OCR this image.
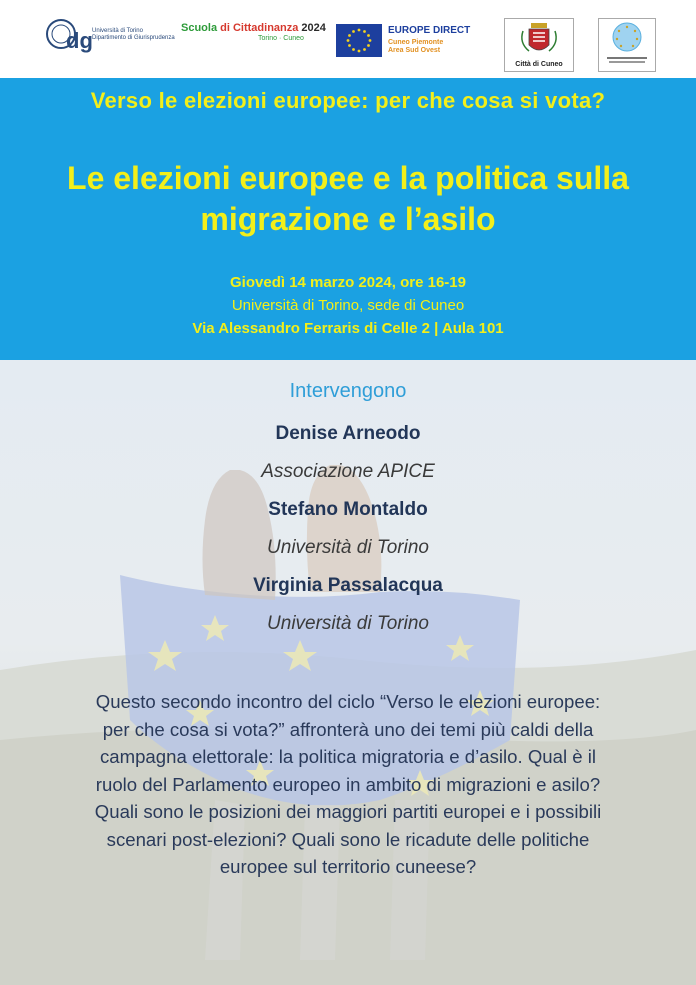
dg Università di Torino
Dipartimento di Giurisprudenza
Scuola di Cittadinanza 2024
Torino · Cuneo
EUROPE DIRECT
Cuneo Piemonte
Area Sud Ovest
Città di Cuneo
Verso le elezioni europee: per che cosa si vota?
Le elezioni europee e la politica sulla
migrazione e l’asilo
Giovedì 14 marzo 2024, ore 16-19
Università di Torino, sede di Cuneo
Via Alessandro Ferraris di Celle 2 | Aula 101
Intervengono
Denise Arneodo
Associazione APICE
Stefano Montaldo
Università di Torino
Virginia Passalacqua
Università di Torino
Questo secondo incontro del ciclo “Verso le elezioni europee:
per che cosa si vota?” affronterà uno dei temi più caldi della
campagna elettorale: la politica migratoria e d’asilo. Qual è il
ruolo del Parlamento europeo in ambito di migrazioni e asilo?
Quali sono le posizioni dei maggiori partiti europei e i possibili
scenari post-elezioni? Quali sono le ricadute delle politiche
europee sul territorio cuneese?
